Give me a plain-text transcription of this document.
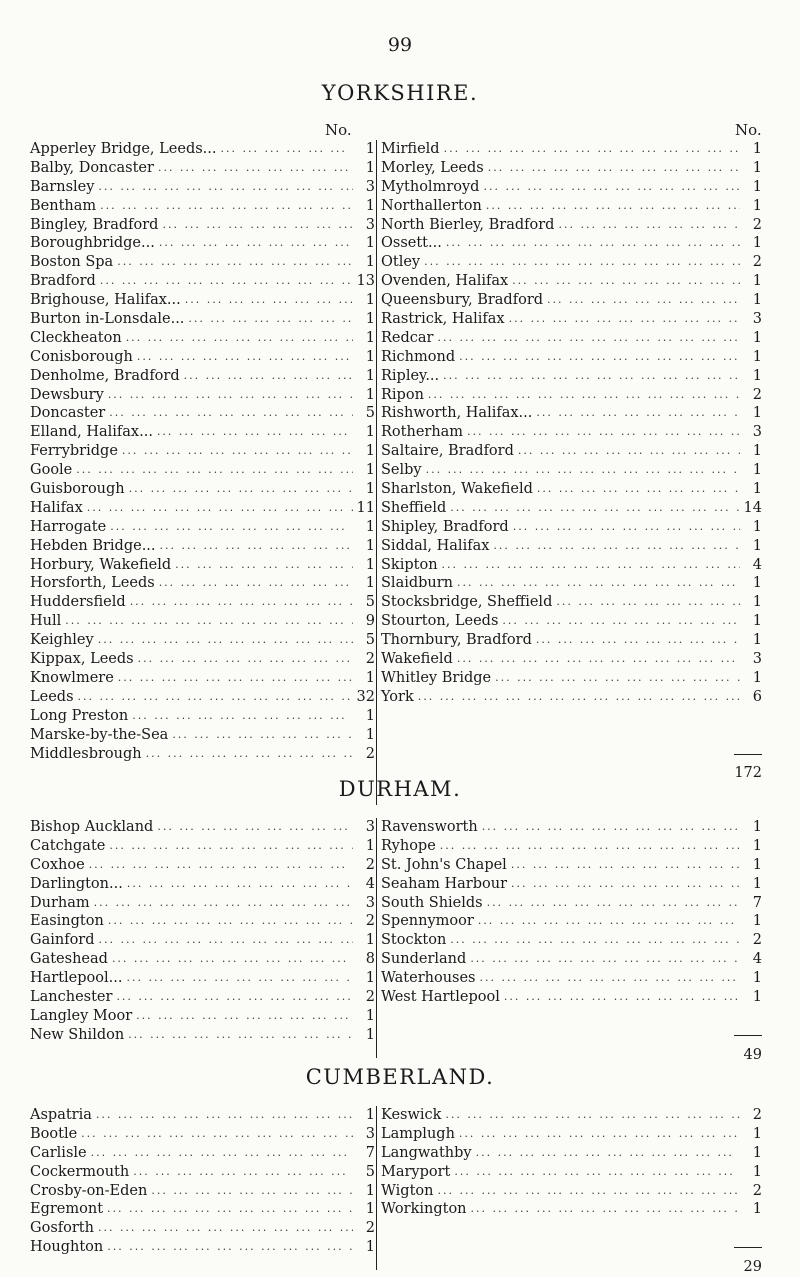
99
YORKSHIRE.
No.	No.
Apperley Bridge, Leeds... ... .	1
Balby, Doncaster ... .	1
Barnsley ... .	3
Bentham ... .	1
Bingley, Bradford ... .	3
Boroughbridge... ... .	1
Boston Spa ... .	1
Bradford ... .	13
Brighouse, Halifax... ... .	1
Burton in-Lonsdale... ... .	1
Cleckheaton ... .	1
Conisborough ... .	1
Denholme, Bradford ... .	1
Dewsbury ... .	1
Doncaster ... .	5
Elland, Halifax... ... .	1
Ferrybridge ... .	1
Goole ... .	1
Guisborough ... .	1
Halifax ... .	11
Harrogate ... .	1
Hebden Bridge... ... .	1
Horbury, Wakefield ... .	1
Horsforth, Leeds ... .	1
Huddersfield ... .	5
Hull ... .	9
Keighley ... .	5
Kippax, Leeds ... .	2
Knowlmere ... .	1
Leeds ... .	32
Long Preston ... .	1
Marske-by-the-Sea ... .	1
Middlesbrough ... .	2
Mirfield ... .	1
Morley, Leeds ... .	1
Mytholmroyd ... .	1
Northallerton ... .	1
North Bierley, Bradford ... .	2
Ossett... ... .	1
Otley ... .	2
Ovenden, Halifax ... .	1
Queensbury, Bradford ... .	1
Rastrick, Halifax ... .	3
Redcar ... .	1
Richmond ... .	1
Ripley... ... .	1
Ripon ... .	2
Rishworth, Halifax... ... .	1
Rotherham ... .	3
Saltaire, Bradford ... .	1
Selby ... .	1
Sharlston, Wakefield ... .	1
Sheffield ... .	14
Shipley, Bradford ... .	1
Siddal, Halifax ... .	1
Skipton ... .	4
Slaidburn ... .	1
Stocksbridge, Sheffield ... .	1
Stourton, Leeds ... .	1
Thornbury, Bradford ... .	1
Wakefield ... .	3
Whitley Bridge ... .	1
York ... .	6
172
DURHAM.
Bishop Auckland ... .	3
Catchgate ... .	1
Coxhoe ... .	2
Darlington... ... .	4
Durham ... .	3
Easington ... .	2
Gainford ... .	1
Gateshead ... .	8
Hartlepool... ... .	1
Lanchester ... .	2
Langley Moor ... .	1
New Shildon ... .	1
Ravensworth ... .	1
Ryhope ... .	1
St. John's Chapel ... .	1
Seaham Harbour ... .	1
South Shields ... .	7
Spennymoor ... .	1
Stockton ... .	2
Sunderland ... .	4
Waterhouses ... .	1
West Hartlepool ... .	1
49
CUMBERLAND.
Aspatria ... .	1
Bootle ... .	3
Carlisle ... .	7
Cockermouth ... .	5
Crosby-on-Eden ... .	1
Egremont ... .	1
Gosforth ... .	2
Houghton ... .	1
Keswick ... .	2
Lamplugh ... .	1
Langwathby ... .	1
Maryport ... .	1
Wigton ... .	2
Workington ... .	1
29
